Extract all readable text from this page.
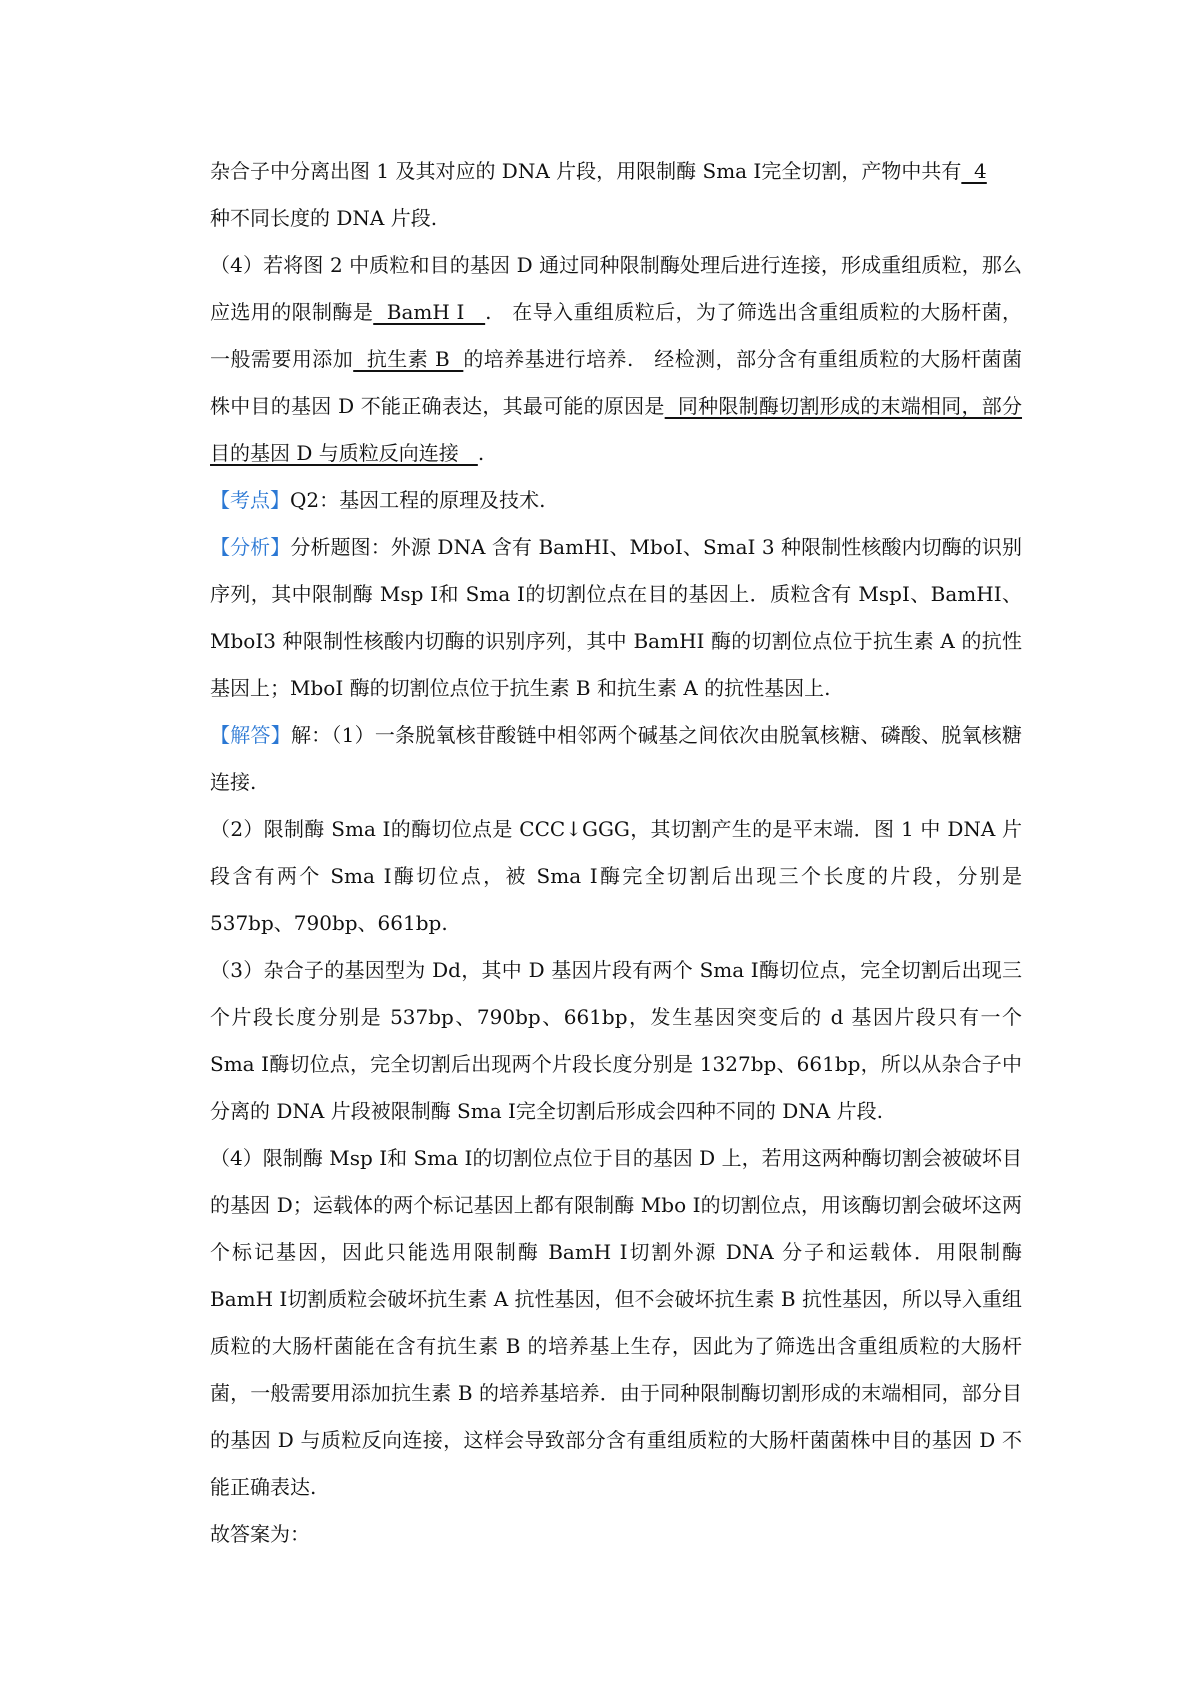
杂合子中分离出图 1 及其对应的 DNA 片段，用限制酶 Sma Ⅰ完全切割，产物中共有  4
种不同长度的 DNA 片段.

（4）若将图 2 中质粒和目的基因 D 通过同种限制酶处理后进行连接，形成重组质粒，那么应选用的限制酶是  BamH Ⅰ   .　在导入重组质粒后，为了筛选出含重组质粒的大肠杆菌，一般需要用添加  抗生素 B  的培养基进行培养.　经检测，部分含有重组质粒的大肠杆菌菌株中目的基因 D 不能正确表达，其最可能的原因是  同种限制酶切割形成的末端相同，部分目的基因 D 与质粒反向连接   .

【考点】Q2：基因工程的原理及技术.

【分析】分析题图：外源 DNA 含有 BamHI、MboI、SmaI 3 种限制性核酸内切酶的识别序列，其中限制酶 Msp Ⅰ和 Sma Ⅰ的切割位点在目的基因上．质粒含有 MspI、BamHI、MboI3 种限制性核酸内切酶的识别序列，其中 BamHI 酶的切割位点位于抗生素 A 的抗性基因上；MboI 酶的切割位点位于抗生素 B 和抗生素 A 的抗性基因上.

【解答】解：（1）一条脱氧核苷酸链中相邻两个碱基之间依次由脱氧核糖、磷酸、脱氧核糖连接.

（2）限制酶 Sma Ⅰ的酶切位点是 CCC↓GGG，其切割产生的是平末端．图 1 中 DNA 片段含有两个 Sma Ⅰ酶切位点，被 Sma Ⅰ酶完全切割后出现三个长度的片段，分别是 537bp、790bp、661bp.

（3）杂合子的基因型为 Dd，其中 D 基因片段有两个 Sma Ⅰ酶切位点，完全切割后出现三个片段长度分别是 537bp、790bp、661bp，发生基因突变后的 d 基因片段只有一个 Sma Ⅰ酶切位点，完全切割后出现两个片段长度分别是 1327bp、661bp，所以从杂合子中分离的 DNA 片段被限制酶 Sma Ⅰ完全切割后形成会四种不同的 DNA 片段.

（4）限制酶 Msp Ⅰ和 Sma Ⅰ的切割位点位于目的基因 D 上，若用这两种酶切割会被破坏目的基因 D；运载体的两个标记基因上都有限制酶 Mbo Ⅰ的切割位点，用该酶切割会破坏这两个标记基因，因此只能选用限制酶 BamH Ⅰ切割外源 DNA 分子和运载体．用限制酶 BamH Ⅰ切割质粒会破坏抗生素 A 抗性基因，但不会破坏抗生素 B 抗性基因，所以导入重组质粒的大肠杆菌能在含有抗生素 B 的培养基上生存，因此为了筛选出含重组质粒的大肠杆菌，一般需要用添加抗生素 B 的培养基培养．由于同种限制酶切割形成的末端相同，部分目的基因 D 与质粒反向连接，这样会导致部分含有重组质粒的大肠杆菌菌株中目的基因 D 不能正确表达.

故答案为：
